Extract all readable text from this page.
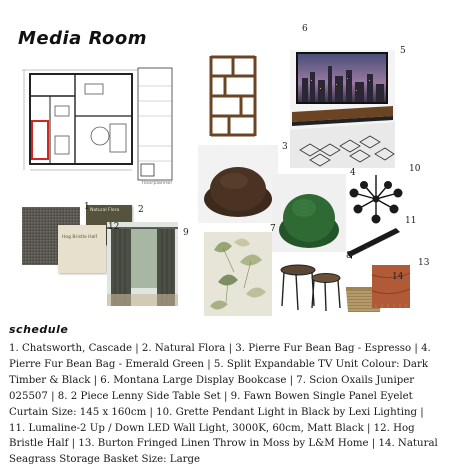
Media Room
floorplanner
Natural Flora
Hog Bristle Half
1	2
3
4
5
6
7
8
9
10
11
12
13
14
schedule
1. Chatsworth, Cascade | 2. Natural Flora | 3. Pierre Fur Bean Bag - Espresso | 4. Pierre Fur Bean Bag - Emerald Green | 5. Split Expandable TV Unit Colour: Dark Timber & Black | 6. Montana Large Display Bookcase | 7. Scion Oxails Juniper 025507 | 8. 2 Piece Lenny Side Table Set | 9. Fawn Bowen Single Panel Eyelet Curtain Size: 145 x 160cm | 10. Grette Pendant Light in Black by Lexi Lighting | 11. Lumaline-2 Up / Down LED Wall Light, 3000K, 60cm, Matt Black | 12. Hog Bristle Half | 13. Burton Fringed Linen Throw in Moss by L&M Home | 14. Natural Seagrass Storage Basket Size: Large
